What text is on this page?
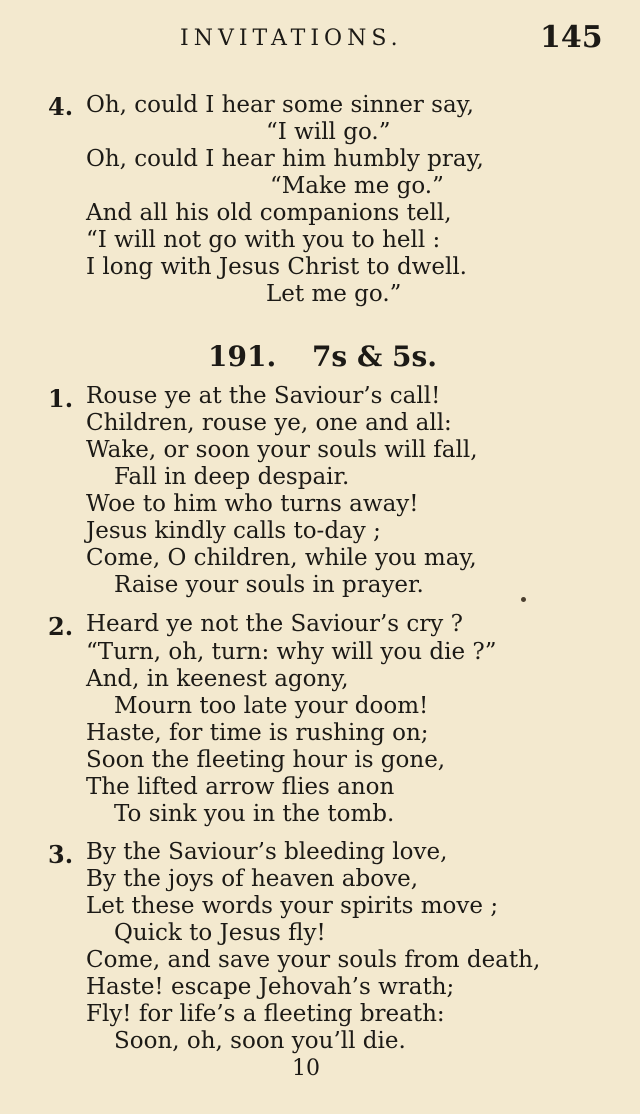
INVITATIONS.	145
4. Oh, could I hear some sinner say,
“I will go.”
Oh, could I hear him humbly pray,
“Make me go.”
And all his old companions tell,
“I will not go with you to hell :
I long with Jesus Christ to dwell.
Let me go.”
191. 7s & 5s.
1. Rouse ye at the Saviour’s call!
Children, rouse ye, one and all:
Wake, or soon your souls will fall,
Fall in deep despair.
Woe to him who turns away!
Jesus kindly calls to-day ;
Come, O children, while you may,
Raise your souls in prayer.
2. Heard ye not the Saviour’s cry ?
“Turn, oh, turn: why will you die ?”
And, in keenest agony,
Mourn too late your doom!
Haste, for time is rushing on;
Soon the fleeting hour is gone,
The lifted arrow flies anon
To sink you in the tomb.
3. By the Saviour’s bleeding love,
By the joys of heaven above,
Let these words your spirits move ;
Quick to Jesus fly!
Come, and save your souls from death,
Haste! escape Jehovah’s wrath;
Fly! for life’s a fleeting breath:
Soon, oh, soon you’ll die.
10
